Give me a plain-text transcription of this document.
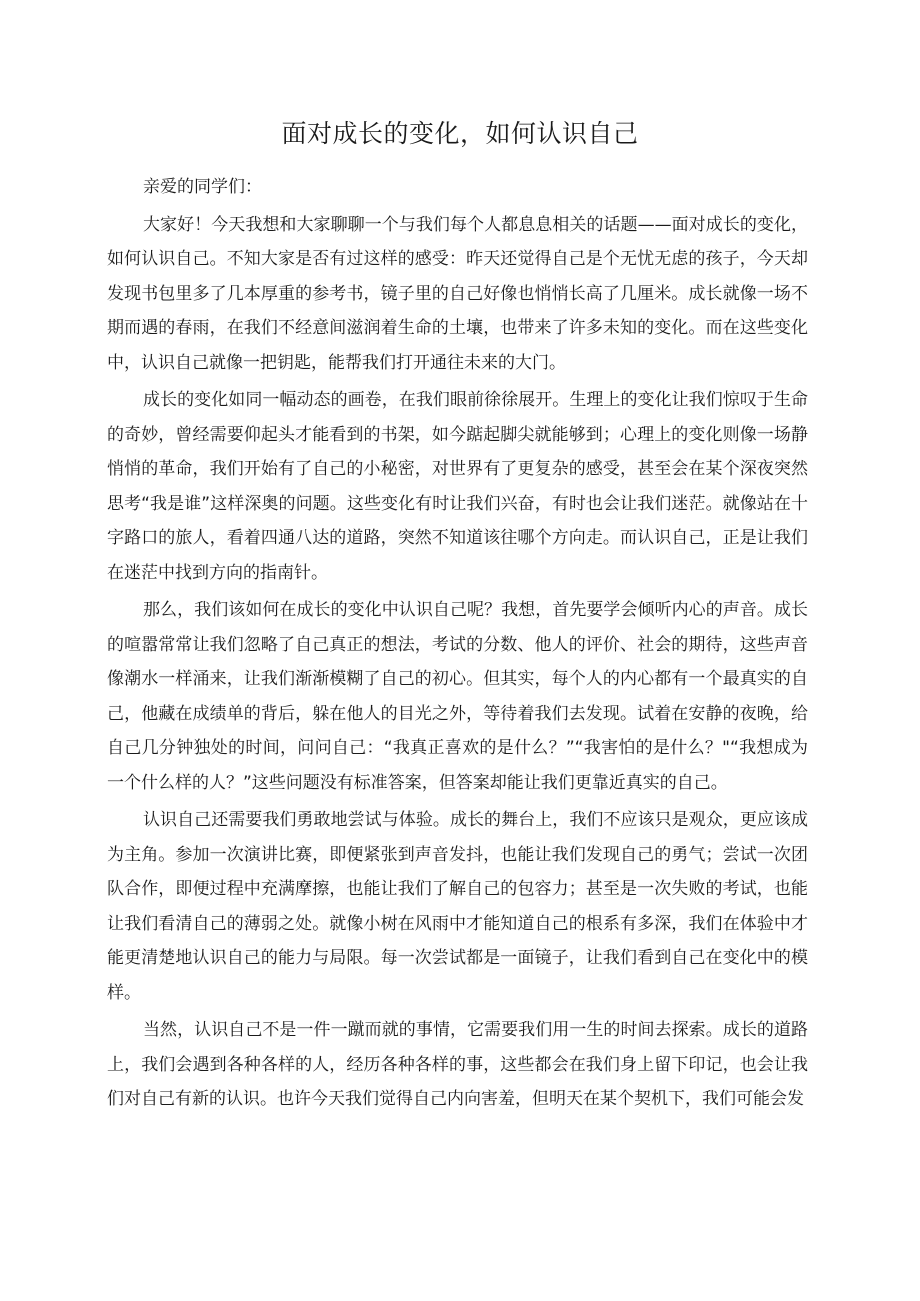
面对成长的变化，如何认识自己

亲爱的同学们：

大家好！今天我想和大家聊聊一个与我们每个人都息息相关的话题——面对成长的变化，如何认识自己。不知大家是否有过这样的感受：昨天还觉得自己是个无忧无虑的孩子，今天却发现书包里多了几本厚重的参考书，镜子里的自己好像也悄悄长高了几厘米。成长就像一场不期而遇的春雨，在我们不经意间滋润着生命的土壤，也带来了许多未知的变化。而在这些变化中，认识自己就像一把钥匙，能帮我们打开通往未来的大门。

成长的变化如同一幅动态的画卷，在我们眼前徐徐展开。生理上的变化让我们惊叹于生命的奇妙，曾经需要仰起头才能看到的书架，如今踮起脚尖就能够到；心理上的变化则像一场静悄悄的革命，我们开始有了自己的小秘密，对世界有了更复杂的感受，甚至会在某个深夜突然思考“我是谁”这样深奥的问题。这些变化有时让我们兴奋，有时也会让我们迷茫。就像站在十字路口的旅人，看着四通八达的道路，突然不知道该往哪个方向走。而认识自己，正是让我们在迷茫中找到方向的指南针。

那么，我们该如何在成长的变化中认识自己呢？我想，首先要学会倾听内心的声音。成长的喧嚣常常让我们忽略了自己真正的想法，考试的分数、他人的评价、社会的期待，这些声音像潮水一样涌来，让我们渐渐模糊了自己的初心。但其实，每个人的内心都有一个最真实的自己，他藏在成绩单的背后，躲在他人的目光之外，等待着我们去发现。试着在安静的夜晚，给自己几分钟独处的时间，问问自己：“我真正喜欢的是什么？”“我害怕的是什么？"“我想成为一个什么样的人？”这些问题没有标准答案，但答案却能让我们更靠近真实的自己。

认识自己还需要我们勇敢地尝试与体验。成长的舞台上，我们不应该只是观众，更应该成为主角。参加一次演讲比赛，即便紧张到声音发抖，也能让我们发现自己的勇气；尝试一次团队合作，即便过程中充满摩擦，也能让我们了解自己的包容力；甚至是一次失败的考试，也能让我们看清自己的薄弱之处。就像小树在风雨中才能知道自己的根系有多深，我们在体验中才能更清楚地认识自己的能力与局限。每一次尝试都是一面镜子，让我们看到自己在变化中的模样。

当然，认识自己不是一件一蹴而就的事情，它需要我们用一生的时间去探索。成长的道路上，我们会遇到各种各样的人，经历各种各样的事，这些都会在我们身上留下印记，也会让我们对自己有新的认识。也许今天我们觉得自己内向害羞，但明天在某个契机下，我们可能会发
